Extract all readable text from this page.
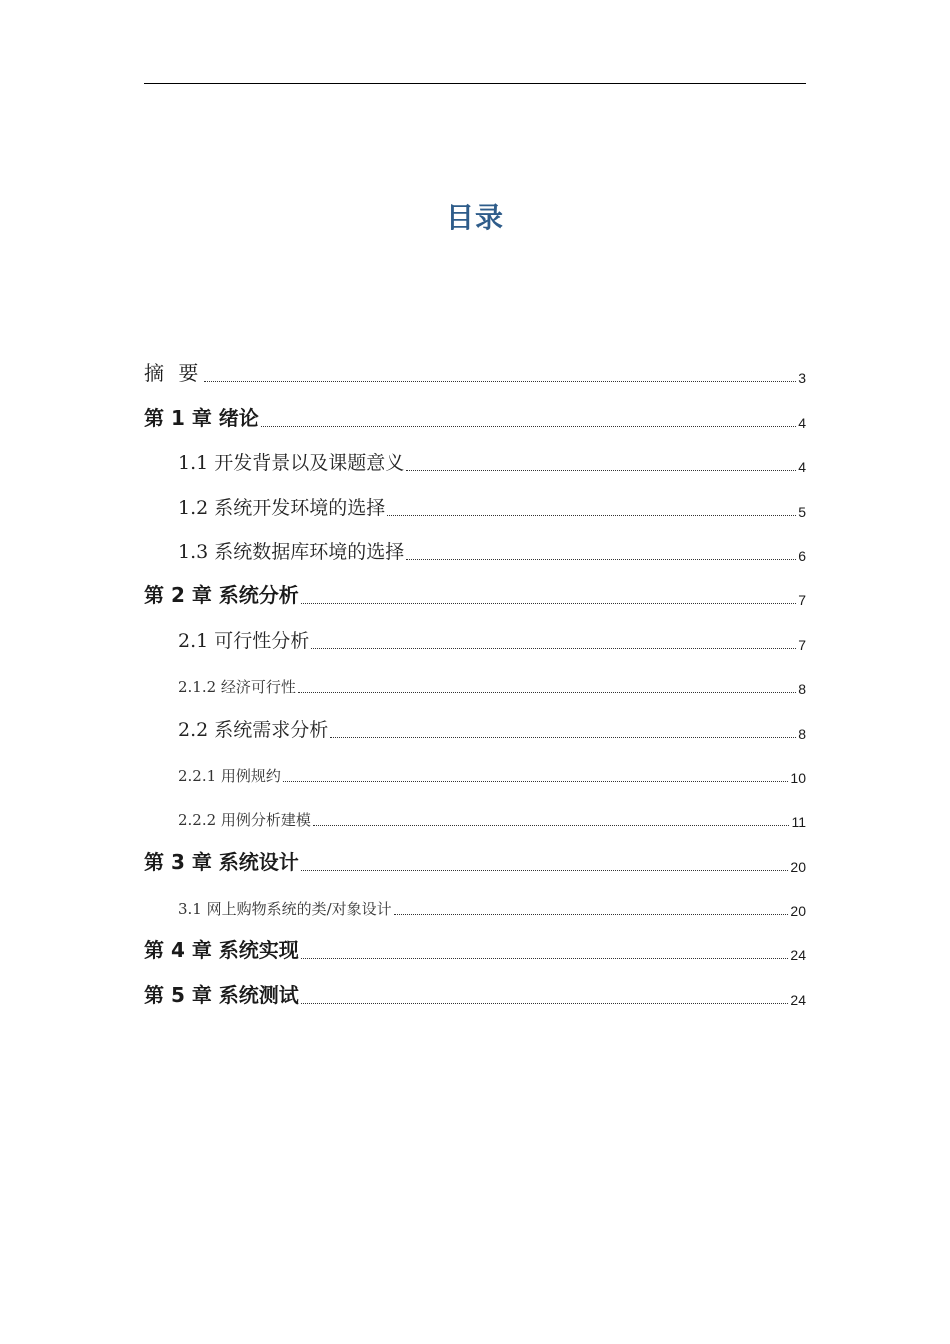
目录
摘 要	3
第 1 章 绪论	4
1.1 开发背景以及课题意义	4
1.2 系统开发环境的选择	5
1.3 系统数据库环境的选择	6
第 2 章 系统分析	7
2.1 可行性分析	7
2.1.2 经济可行性	8
2.2 系统需求分析	8
2.2.1 用例规约	10
2.2.2 用例分析建模	11
第 3 章 系统设计	20
3.1 网上购物系统的类/对象设计	20
第 4 章 系统实现	24
第 5 章 系统测试	24
